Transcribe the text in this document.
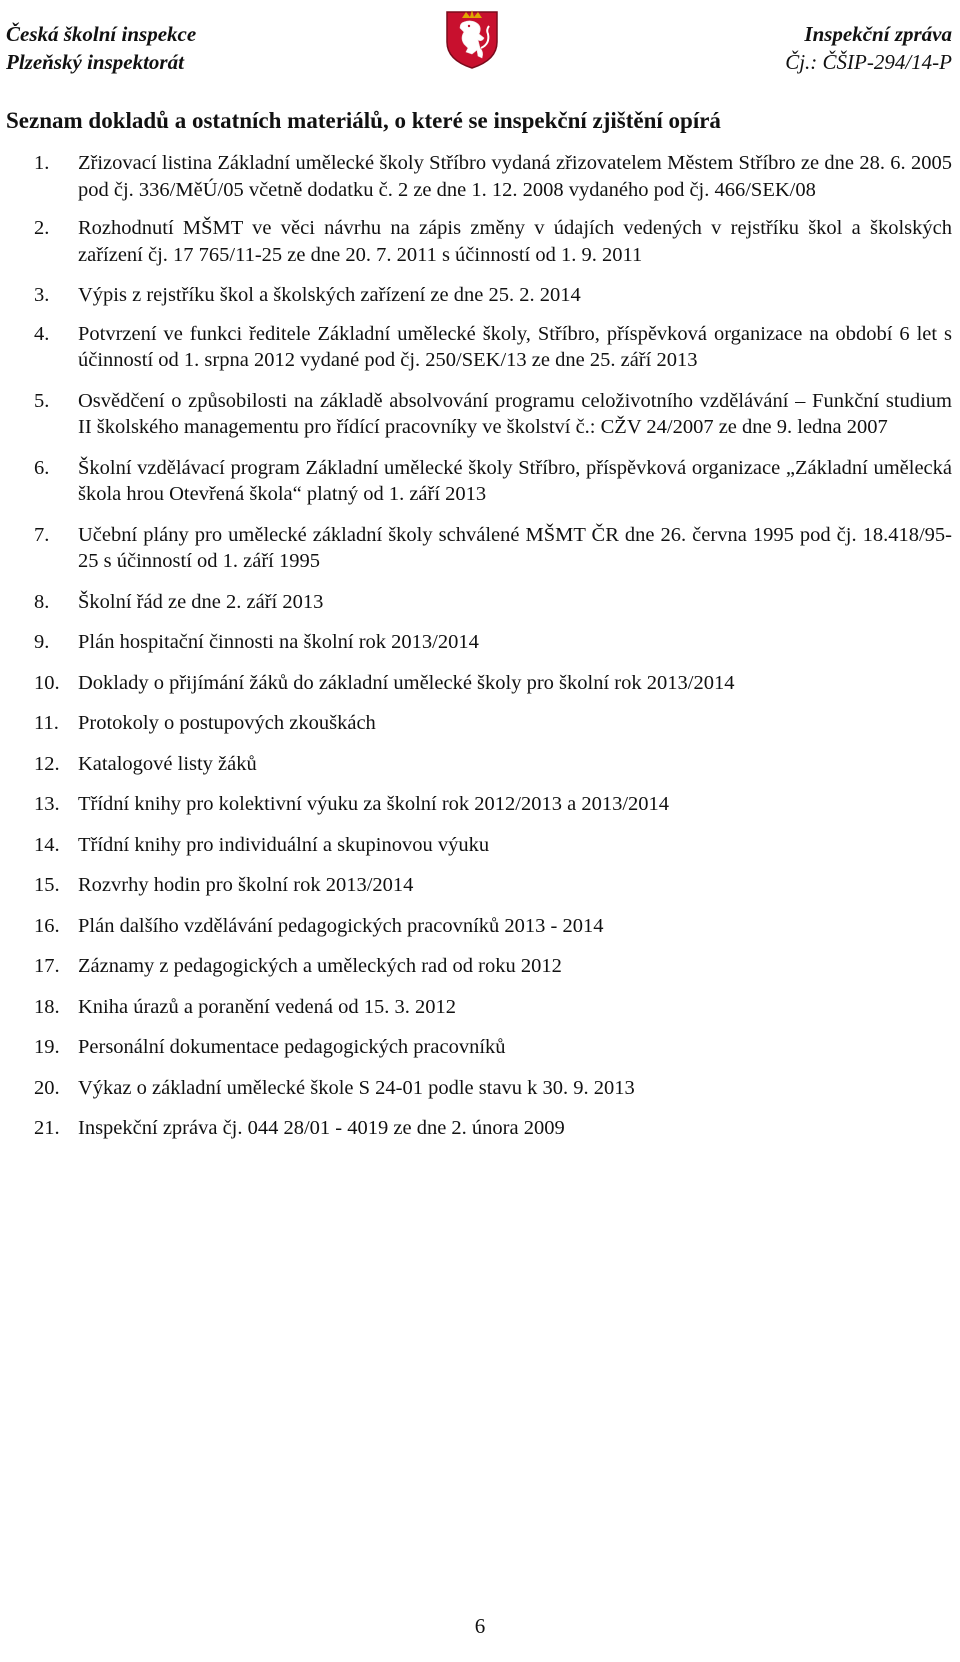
Česká školní inspekce
Plzeňský inspektorát
Inspekční zpráva
Čj.: ČŠIP-294/14-P
Seznam dokladů a ostatních materiálů, o které se inspekční zjištění opírá
1. Zřizovací listina Základní umělecké školy Stříbro vydaná zřizovatelem Městem Stříbro ze dne 28. 6. 2005 pod čj. 336/MěÚ/05 včetně dodatku č. 2 ze dne 1. 12. 2008 vydaného pod čj. 466/SEK/08
2. Rozhodnutí MŠMT ve věci návrhu na zápis změny v údajích vedených v rejstříku škol a školských zařízení čj. 17 765/11-25 ze dne 20. 7. 2011 s účinností od 1. 9. 2011
3. Výpis z rejstříku škol a školských zařízení ze dne 25. 2. 2014
4. Potvrzení ve funkci ředitele Základní umělecké školy, Stříbro, příspěvková organizace na období 6 let s účinností od 1. srpna 2012 vydané pod čj. 250/SEK/13 ze dne 25. září 2013
5. Osvědčení o způsobilosti na základě absolvování programu celoživotního vzdělávání – Funkční studium II školského managementu pro řídící pracovníky ve školství č.: CŽV 24/2007 ze dne 9. ledna 2007
6. Školní vzdělávací program Základní umělecké školy Stříbro, příspěvková organizace „Základní umělecká škola hrou Otevřená škola“ platný od 1. září 2013
7. Učební plány pro umělecké základní školy schválené MŠMT ČR dne 26. června 1995 pod čj. 18.418/95-25 s účinností od 1. září 1995
8. Školní řád ze dne 2. září 2013
9. Plán hospitační činnosti na školní rok 2013/2014
10. Doklady o přijímání žáků do základní umělecké školy pro školní rok 2013/2014
11. Protokoly o postupových zkouškách
12. Katalogové listy žáků
13. Třídní knihy pro kolektivní výuku za školní rok 2012/2013 a 2013/2014
14. Třídní knihy pro individuální a skupinovou výuku
15. Rozvrhy hodin pro školní rok 2013/2014
16. Plán dalšího vzdělávání pedagogických pracovníků 2013 - 2014
17. Záznamy z pedagogických a uměleckých rad od roku 2012
18. Kniha úrazů a poranění vedená od 15. 3. 2012
19. Personální dokumentace pedagogických pracovníků
20. Výkaz o základní umělecké škole S 24-01 podle stavu k 30. 9. 2013
21. Inspekční zpráva čj. 044 28/01 - 4019 ze dne 2. února 2009
6
